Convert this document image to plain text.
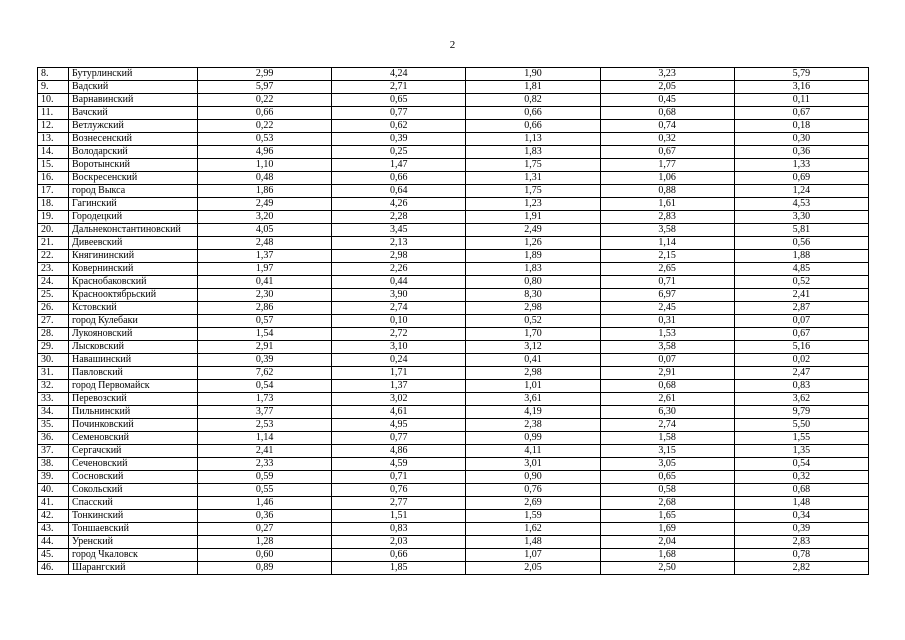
2
8.	Бутурлинский	2,99	4,24	1,90	3,23	5,79
9.	Вадский	5,97	2,71	1,81	2,05	3,16
10.	Варнавинский	0,22	0,65	0,82	0,45	0,11
11.	Вачский	0,66	0,77	0,66	0,68	0,67
12.	Ветлужский	0,22	0,62	0,66	0,74	0,18
13.	Вознесенский	0,53	0,39	1,13	0,32	0,30
14.	Володарский	4,96	0,25	1,83	0,67	0,36
15.	Воротынский	1,10	1,47	1,75	1,77	1,33
16.	Воскресенский	0,48	0,66	1,31	1,06	0,69
17.	город Выкса	1,86	0,64	1,75	0,88	1,24
18.	Гагинский	2,49	4,26	1,23	1,61	4,53
19.	Городецкий	3,20	2,28	1,91	2,83	3,30
20.	Дальнеконстантиновский	4,05	3,45	2,49	3,58	5,81
21.	Дивеевский	2,48	2,13	1,26	1,14	0,56
22.	Княгининский	1,37	2,98	1,89	2,15	1,88
23.	Ковернинский	1,97	2,26	1,83	2,65	4,85
24.	Краснобаковский	0,41	0,44	0,80	0,71	0,52
25.	Краснооктябрьский	2,30	3,90	8,30	6,97	2,41
26.	Кстовский	2,86	2,74	2,98	2,45	2,87
27.	город Кулебаки	0,57	0,10	0,52	0,31	0,07
28.	Лукояновский	1,54	2,72	1,70	1,53	0,67
29.	Лысковский	2,91	3,10	3,12	3,58	5,16
30.	Навашинский	0,39	0,24	0,41	0,07	0,02
31.	Павловский	7,62	1,71	2,98	2,91	2,47
32.	город Первомайск	0,54	1,37	1,01	0,68	0,83
33.	Перевозский	1,73	3,02	3,61	2,61	3,62
34.	Пильнинский	3,77	4,61	4,19	6,30	9,79
35.	Починковский	2,53	4,95	2,38	2,74	5,50
36.	Семеновский	1,14	0,77	0,99	1,58	1,55
37.	Сергачский	2,41	4,86	4,11	3,15	1,35
38.	Сеченовский	2,33	4,59	3,01	3,05	0,54
39.	Сосновский	0,59	0,71	0,90	0,65	0,32
40.	Сокольский	0,55	0,76	0,76	0,58	0,68
41.	Спасский	1,46	2,77	2,69	2,68	1,48
42.	Тонкинский	0,36	1,51	1,59	1,65	0,34
43.	Тоншаевский	0,27	0,83	1,62	1,69	0,39
44.	Уренский	1,28	2,03	1,48	2,04	2,83
45.	город Чкаловск	0,60	0,66	1,07	1,68	0,78
46.	Шарангский	0,89	1,85	2,05	2,50	2,82
